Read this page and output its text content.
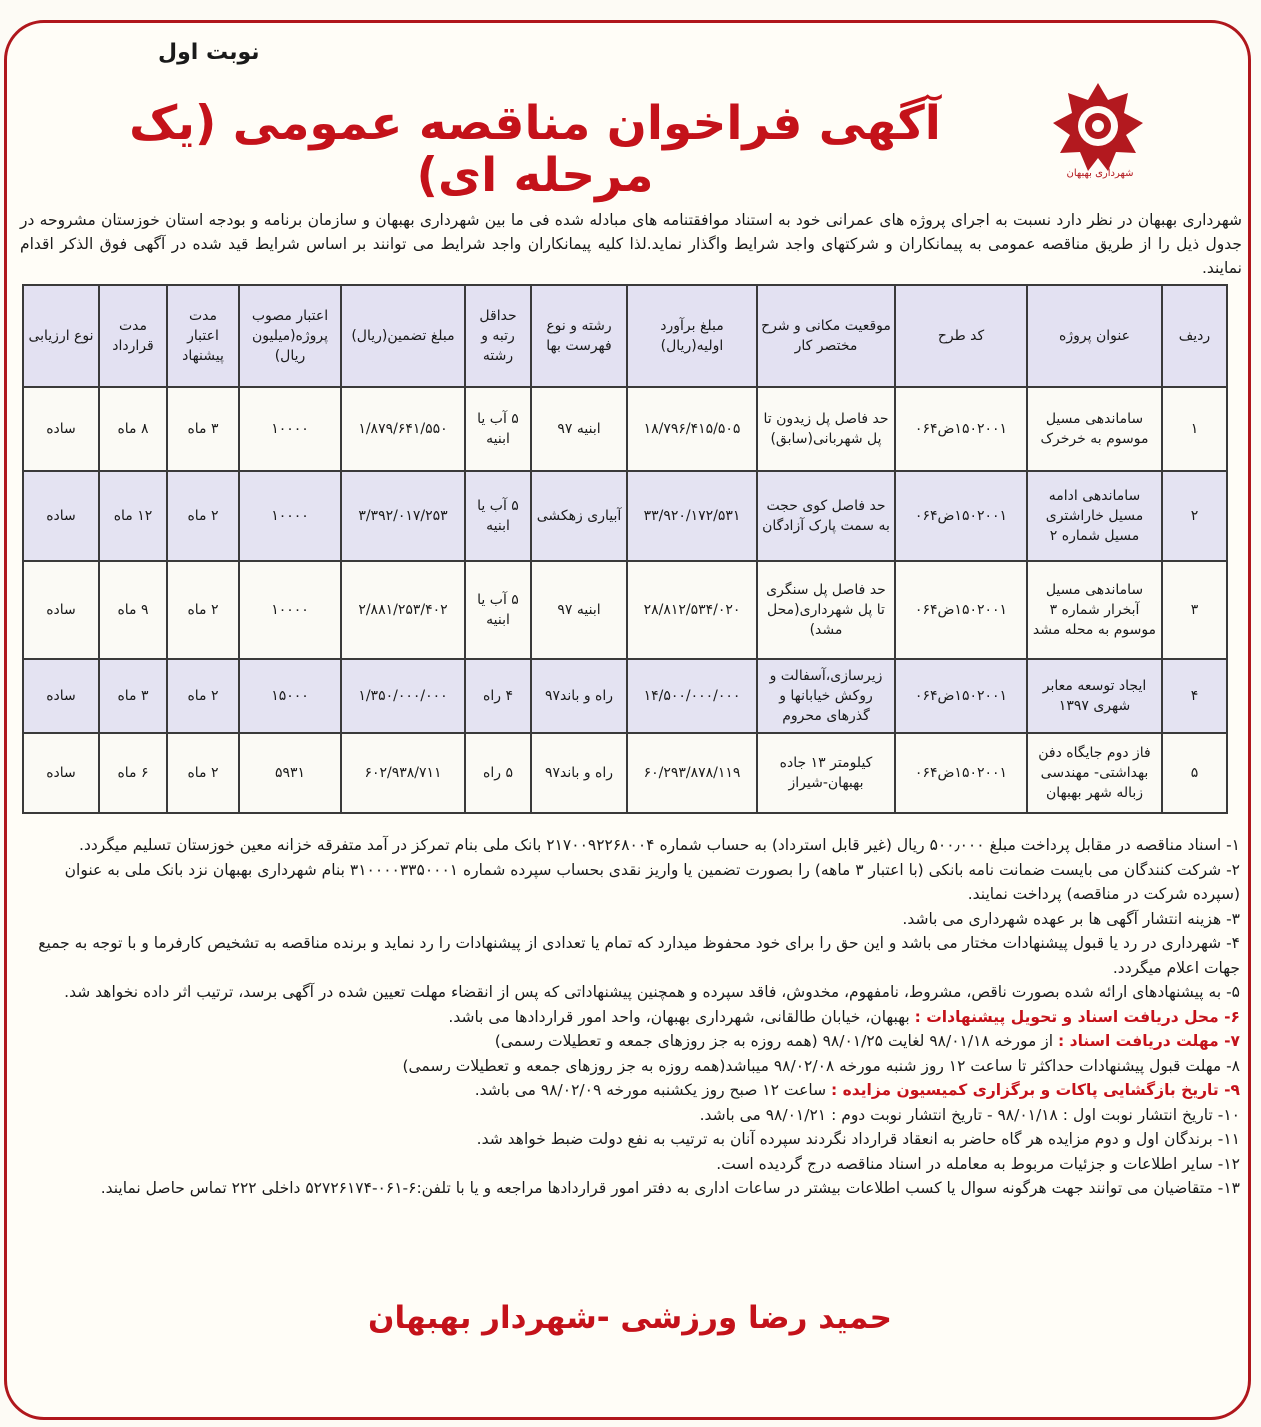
نوبت اول
آگهی فراخوان مناقصه عمومی (یک مرحله ای)	شهرداری بهبهان
شهرداری بهبهان در نظر دارد نسبت به اجرای پروژه های عمرانی خود به استناد موافقتنامه های مبادله شده فی ما بین شهرداری بهبهان و سازمان برنامه و بودجه استان خوزستان مشروحه در جدول ذیل را از طریق مناقصه عمومی به پیمانکاران و شرکتهای واجد شرایط واگذار نماید.لذا کلیه پیمانکاران واجد شرایط می توانند بر اساس شرایط قید شده در آگهی فوق الذکر اقدام نمایند.
ردیف	عنوان پروژه	کد طرح	موقعیت مکانی و شرح مختصر کار	مبلغ برآورد اولیه(ریال)	رشته و نوع فهرست بها	حداقل رتبه و رشته	مبلغ تضمین(ریال)	اعتبار مصوب پروژه(میلیون ریال)	مدت اعتبار پیشنهاد	مدت قرارداد	نوع ارزیابی
۱	ساماندهی مسیل موسوم به خرخرک	۱۵۰۲۰۰۱ض۰۶۴	حد فاصل پل زیدون تا پل شهربانی(سابق)	۱۸/۷۹۶/۴۱۵/۵۰۵	ابنیه ۹۷	۵ آب یا ابنیه	۱/۸۷۹/۶۴۱/۵۵۰	۱۰۰۰۰	۳ ماه	۸ ماه	ساده
۲	ساماندهی ادامه مسیل خاراشتری مسیل شماره ۲	۱۵۰۲۰۰۱ض۰۶۴	حد فاصل کوی حجت به سمت پارک آزادگان	۳۳/۹۲۰/۱۷۲/۵۳۱	آبیاری زهکشی	۵ آب یا ابنیه	۳/۳۹۲/۰۱۷/۲۵۳	۱۰۰۰۰	۲ ماه	۱۲ ماه	ساده
۳	ساماندهی مسیل آبخرار شماره ۳ موسوم به محله مشد	۱۵۰۲۰۰۱ض۰۶۴	حد فاصل پل سنگری تا پل شهرداری(محل مشد)	۲۸/۸۱۲/۵۳۴/۰۲۰	ابنیه ۹۷	۵ آب یا ابنیه	۲/۸۸۱/۲۵۳/۴۰۲	۱۰۰۰۰	۲ ماه	۹ ماه	ساده
۴	ایجاد توسعه معابر شهری ۱۳۹۷	۱۵۰۲۰۰۱ض۰۶۴	زیرسازی،آسفالت و روکش خیابانها و گذرهای محروم	۱۴/۵۰۰/۰۰۰/۰۰۰	راه و باند۹۷	۴ راه	۱/۳۵۰/۰۰۰/۰۰۰	۱۵۰۰۰	۲ ماه	۳ ماه	ساده
۵	فاز دوم جایگاه دفن بهداشتی- مهندسی زباله شهر بهبهان	۱۵۰۲۰۰۱ض۰۶۴	کیلومتر ۱۳ جاده بهبهان-شیراز	۶۰/۲۹۳/۸۷۸/۱۱۹	راه و باند۹۷	۵ راه	۶۰۲/۹۳۸/۷۱۱	۵۹۳۱	۲ ماه	۶ ماه	ساده

۱- اسناد مناقصه در مقابل پرداخت مبلغ ۵۰۰٫۰۰۰ ریال (غیر قابل استرداد) به حساب شماره ۲۱۷۰۰۹۲۲۶۸۰۰۴ بانک ملی بنام تمرکز در آمد متفرقه خزانه معین خوزستان تسلیم میگردد.

۲- شرکت کنندگان می بایست ضمانت نامه بانکی (با اعتبار ۳ ماهه) را بصورت تضمین یا واریز نقدی بحساب سپرده شماره ۳۱۰۰۰۰۳۳۵۰۰۰۱ بنام شهرداری بهبهان نزد بانک ملی به عنوان (سپرده شرکت در مناقصه) پرداخت نمایند.

۳- هزینه انتشار آگهی ها بر عهده شهرداری می باشد.

۴- شهرداری در رد یا قبول پیشنهادات مختار می باشد و این حق را برای خود محفوظ میدارد که تمام یا تعدادی از پیشنهادات را رد نماید و برنده مناقصه به تشخیص کارفرما و با توجه به جمیع جهات اعلام میگردد.

۵- به پیشنهادهای ارائه شده بصورت ناقص، مشروط، نامفهوم، مخدوش، فاقد سپرده و همچنین پیشنهاداتی که پس از انقضاء مهلت تعیین شده در آگهی برسد، ترتیب اثر داده نخواهد شد.

۶- محل دریافت اسناد و تحویل پیشنهادات : بهبهان، خیابان طالقانی، شهرداری بهبهان، واحد امور قراردادها می باشد.

۷- مهلت دریافت اسناد : از مورخه ۹۸/۰۱/۱۸ لغایت ۹۸/۰۱/۲۵ (همه روزه به جز روزهای جمعه و تعطیلات رسمی)

۸- مهلت قبول پیشنهادات حداکثر تا ساعت ۱۲ روز شنبه مورخه ۹۸/۰۲/۰۸ میباشد(همه روزه به جز روزهای جمعه و تعطیلات رسمی)

۹- تاریخ بازگشایی پاکات و برگزاری کمیسیون مزایده : ساعت ۱۲ صبح روز یکشنبه مورخه ۹۸/۰۲/۰۹ می باشد.

۱۰- تاریخ انتشار نوبت اول : ۹۸/۰۱/۱۸ - تاریخ انتشار نوبت دوم : ۹۸/۰۱/۲۱ می باشد.

۱۱- برندگان اول و دوم مزایده هر گاه حاضر به انعقاد قرارداد نگردند سپرده آنان به ترتیب به نفع دولت ضبط خواهد شد.

۱۲- سایر اطلاعات و جزئیات مربوط به معامله در اسناد مناقصه درج گردیده است.

۱۳- متقاضیان می توانند جهت هرگونه سوال یا کسب اطلاعات بیشتر در ساعات اداری به دفتر امور قراردادها مراجعه و یا با تلفن:۶-۰۶۱-۵۲۷۲۶۱۷۴ داخلی ۲۲۲ تماس حاصل نمایند.

حمید رضا ورزشی -شهردار بهبهان
